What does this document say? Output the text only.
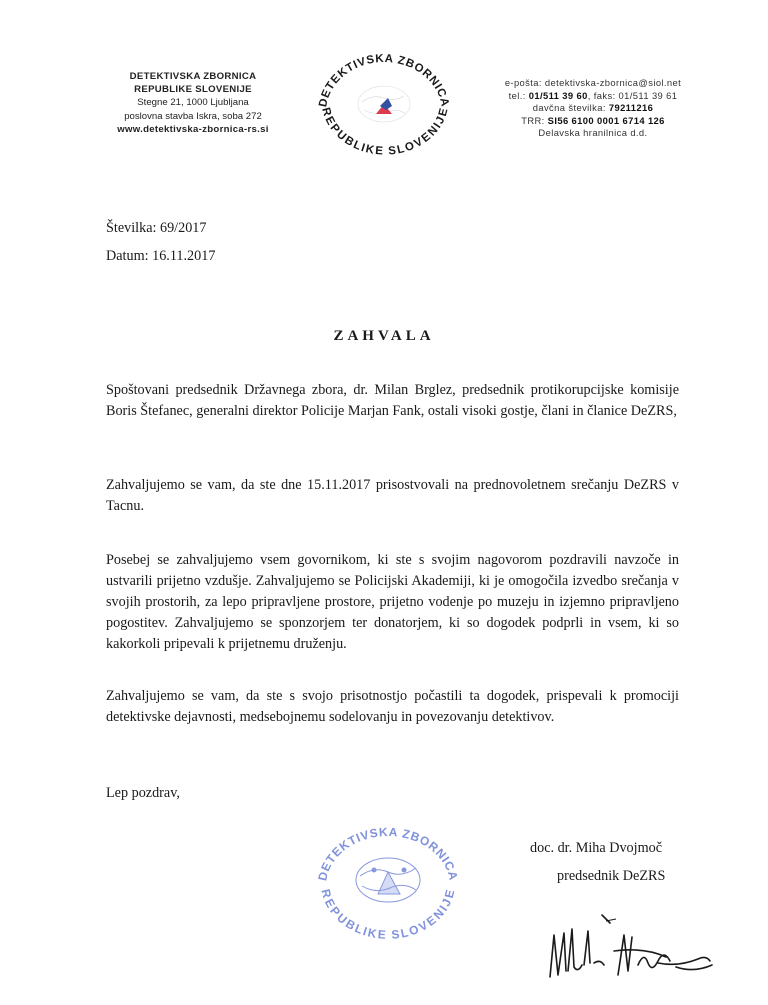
DETEKTIVSKA ZBORNICA
REPUBLIKE SLOVENIJE
Stegne 21, 1000 Ljubljana
poslovna stavba Iskra, soba 272
www.detektivska-zbornica-rs.si
DETEKTIVSKA ZBORNICA
REPUBLIKE SLOVENIJE
e-pošta: detektivska-zbornica@siol.net
tel.: 01/511 39 60, faks: 01/511 39 61
davčna številka: 79211216
TRR: SI56 6100 0001 6714 126
Delavska hranilnica d.d.
Številka: 69/2017
Datum: 16.11.2017
ZAHVALA
Spoštovani predsednik Državnega zbora, dr. Milan Brglez, predsednik protikorupcijske komisije Boris Štefanec, generalni direktor Policije Marjan Fank, ostali visoki gostje, člani in članice DeZRS,
Zahvaljujemo se vam, da ste dne 15.11.2017 prisostvovali na prednovoletnem srečanju DeZRS v Tacnu.
Posebej se zahvaljujemo vsem govornikom, ki ste s svojim nagovorom pozdravili navzoče in ustvarili prijetno vzdušje. Zahvaljujemo se Policijski Akademiji, ki je omogočila izvedbo srečanja v svojih prostorih, za lepo pripravljene prostore, prijetno vodenje po muzeju in izjemno pripravljeno pogostitev. Zahvaljujemo se sponzorjem ter donatorjem, ki so dogodek podprli in vsem, ki so kakorkoli pripevali k prijetnemu druženju.
Zahvaljujemo se vam, da ste s svojo prisotnostjo počastili ta dogodek, prispevali k promociji detektivske dejavnosti, medsebojnemu sodelovanju in povezovanju detektivov.
Lep pozdrav,
DETEKTIVSKA ZBORNICA
REPUBLIKE SLOVENIJE
doc. dr. Miha Dvojmoč
predsednik DeZRS
